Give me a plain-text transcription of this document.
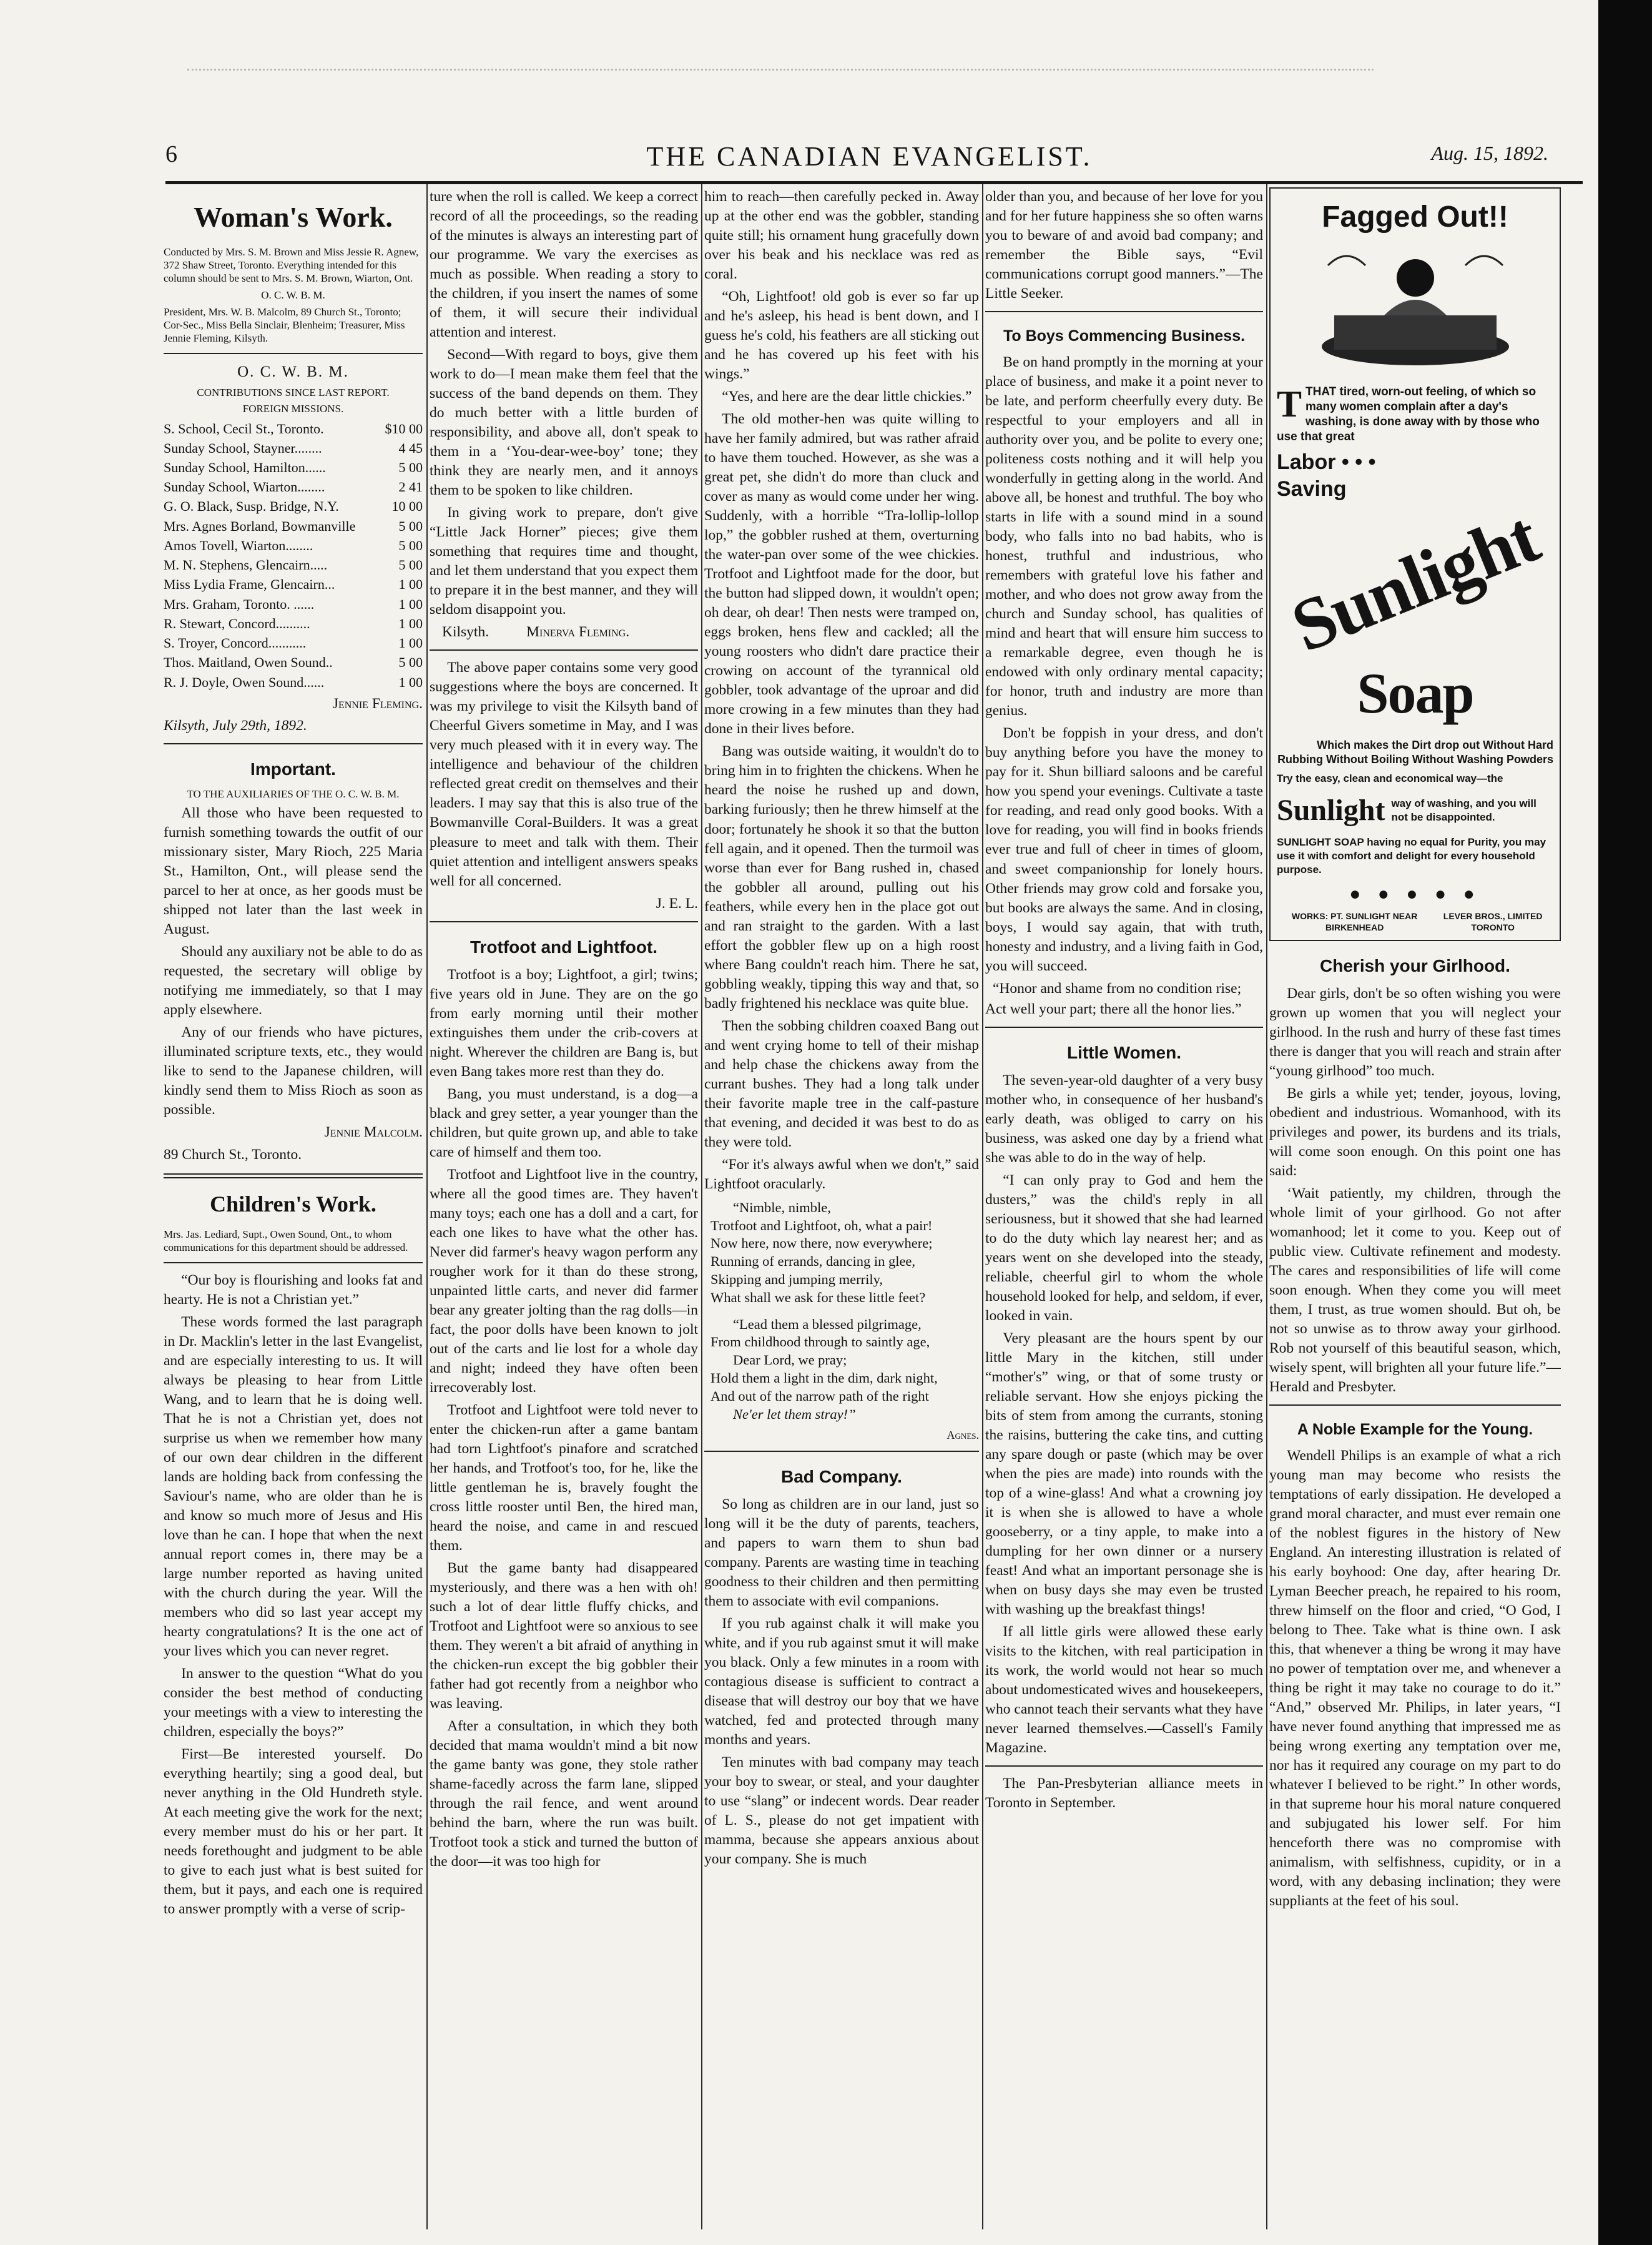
6	THE CANADIAN EVANGELIST.	Aug. 15, 1892.
Woman's Work.

Conducted by Mrs. S. M. Brown and Miss Jessie R. Agnew, 372 Shaw Street, Toronto. Everything intended for this column should be sent to Mrs. S. M. Brown, Wiarton, Ont.

O. C. W. B. M.

President, Mrs. W. B. Malcolm, 89 Church St., Toronto; Cor-Sec., Miss Bella Sinclair, Blenheim; Treasurer, Miss Jennie Fleming, Kilsyth.

O. C. W. B. M.
CONTRIBUTIONS SINCE LAST REPORT.
FOREIGN MISSIONS.
S. School, Cecil St., Toronto.	$10 00
Sunday School, Stayner........	4 45
Sunday School, Hamilton......	5 00
Sunday School, Wiarton........	2 41
G. O. Black, Susp. Bridge, N.Y.	10 00
Mrs. Agnes Borland, Bowmanville	5 00
Amos Tovell, Wiarton........	5 00
M. N. Stephens, Glencairn.....	5 00
Miss Lydia Frame, Glencairn...	1 00
Mrs. Graham, Toronto. ......	1 00
R. Stewart, Concord..........	1 00
S. Troyer, Concord...........	1 00
Thos. Maitland, Owen Sound..	5 00
R. J. Doyle, Owen Sound......	1 00

Jennie Fleming.

Kilsyth, July 29th, 1892.

Important.

TO THE AUXILIARIES OF THE O. C. W. B. M.

All those who have been requested to furnish something towards the outfit of our missionary sister, Mary Rioch, 225 Maria St., Hamilton, Ont., will please send the parcel to her at once, as her goods must be shipped not later than the last week in August.

Should any auxiliary not be able to do as requested, the secretary will oblige by notifying me immediately, so that I may apply elsewhere.

Any of our friends who have pictures, illuminated scripture texts, etc., they would like to send to the Japanese children, will kindly send them to Miss Rioch as soon as possible.

Jennie Malcolm.

89 Church St., Toronto.

Children's Work.

Mrs. Jas. Lediard, Supt., Owen Sound, Ont., to whom communications for this department should be addressed.

“Our boy is flourishing and looks fat and hearty. He is not a Christian yet.”

These words formed the last paragraph in Dr. Macklin's letter in the last Evangelist, and are especially interesting to us. It will always be pleasing to hear from Little Wang, and to learn that he is doing well. That he is not a Christian yet, does not surprise us when we remember how many of our own dear children in the different lands are holding back from confessing the Saviour's name, who are older than he is and know so much more of Jesus and His love than he can. I hope that when the next annual report comes in, there may be a large number reported as having united with the church during the year. Will the members who did so last year accept my hearty congratulations? It is the one act of your lives which you can never regret.

In answer to the question “What do you consider the best method of conducting your meetings with a view to interesting the children, especially the boys?”

First—Be interested yourself. Do everything heartily; sing a good deal, but never anything in the Old Hundreth style. At each meeting give the work for the next; every member must do his or her part. It needs forethought and judgment to be able to give to each just what is best suited for them, but it pays, and each one is required to answer promptly with a verse of scrip-

ture when the roll is called. We keep a correct record of all the proceedings, so the reading of the minutes is always an interesting part of our programme. We vary the exercises as much as possible. When reading a story to the children, if you insert the names of some of them, it will secure their individual attention and interest.

Second—With regard to boys, give them work to do—I mean make them feel that the success of the band depends on them. They do much better with a little burden of responsibility, and above all, don't speak to them in a ‘You-dear-wee-boy’ tone; they think they are nearly men, and it annoys them to be spoken to like children.

In giving work to prepare, don't give “Little Jack Horner” pieces; give them something that requires time and thought, and let them understand that you expect them to prepare it in the best manner, and they will seldom disappoint you.

Kilsyth.	Minerva Fleming.

The above paper contains some very good suggestions where the boys are concerned. It was my privilege to visit the Kilsyth band of Cheerful Givers sometime in May, and I was very much pleased with it in every way. The intelligence and behaviour of the children reflected great credit on themselves and their leaders. I may say that this is also true of the Bowmanville Coral-Builders. It was a great pleasure to meet and talk with them. Their quiet attention and intelligent answers speaks well for all concerned.

J. E. L.

Trotfoot and Lightfoot.

Trotfoot is a boy; Lightfoot, a girl; twins; five years old in June. They are on the go from early morning until their mother extinguishes them under the crib-covers at night. Wherever the children are Bang is, but even Bang takes more rest than they do.

Bang, you must understand, is a dog—a black and grey setter, a year younger than the children, but quite grown up, and able to take care of himself and them too.

Trotfoot and Lightfoot live in the country, where all the good times are. They haven't many toys; each one has a doll and a cart, for each one likes to have what the other has. Never did farmer's heavy wagon perform any rougher work for it than do these strong, unpainted little carts, and never did farmer bear any greater jolting than the rag dolls—in fact, the poor dolls have been known to jolt out of the carts and lie lost for a whole day and night; indeed they have often been irrecoverably lost.

Trotfoot and Lightfoot were told never to enter the chicken-run after a game bantam had torn Lightfoot's pinafore and scratched her hands, and Trotfoot's too, for he, like the little gentleman he is, bravely fought the cross little rooster until Ben, the hired man, heard the noise, and came in and rescued them.

But the game banty had disappeared mysteriously, and there was a hen with oh! such a lot of dear little fluffy chicks, and Trotfoot and Lightfoot were so anxious to see them. They weren't a bit afraid of anything in the chicken-run except the big gobbler their father had got recently from a neighbor who was leaving.

After a consultation, in which they both decided that mama wouldn't mind a bit now the game banty was gone, they stole rather shame-facedly across the farm lane, slipped through the rail fence, and went around behind the barn, where the run was built. Trotfoot took a stick and turned the button of the door—it was too high for

him to reach—then carefully pecked in. Away up at the other end was the gobbler, standing quite still; his ornament hung gracefully down over his beak and his necklace was red as coral.

“Oh, Lightfoot! old gob is ever so far up and he's asleep, his head is bent down, and I guess he's cold, his feathers are all sticking out and he has covered up his feet with his wings.”

“Yes, and here are the dear little chickies.”

The old mother-hen was quite willing to have her family admired, but was rather afraid to have them touched. However, as she was a great pet, she didn't do more than cluck and cover as many as would come under her wing. Suddenly, with a horrible “Tra-lollip-lollop lop,” the gobbler rushed at them, overturning the water-pan over some of the wee chickies. Trotfoot and Lightfoot made for the door, but the button had slipped down, it wouldn't open; oh dear, oh dear! Then nests were tramped on, eggs broken, hens flew and cackled; all the young roosters who didn't dare practice their crowing on account of the tyrannical old gobbler, took advantage of the uproar and did more crowing in a few minutes than they had done in their lives before.

Bang was outside waiting, it wouldn't do to bring him in to frighten the chickens. When he heard the noise he rushed up and down, barking furiously; then he threw himself at the door; fortunately he shook it so that the button fell again, and it opened. Then the turmoil was worse than ever for Bang rushed in, chased the gobbler all around, pulling out his feathers, while every hen in the place got out and ran straight to the garden. With a last effort the gobbler flew up on a high roost where Bang couldn't reach him. There he sat, gobbling weakly, tipping this way and that, so badly frightened his necklace was quite blue.

Then the sobbing children coaxed Bang out and went crying home to tell of their mishap and help chase the chickens away from the currant bushes. They had a long talk under their favorite maple tree in the calf-pasture that evening, and decided it was best to do as they were told.

“For it's always awful when we don't,” said Lightfoot oracularly.

“Nimble, nimble,
Trotfoot and Lightfoot, oh, what a pair!
Now here, now there, now everywhere;
Running of errands, dancing in glee,
Skipping and jumping merrily,
What shall we ask for these little feet?
“Lead them a blessed pilgrimage,
From childhood through to saintly age,
Dear Lord, we pray;
Hold them a light in the dim, dark night,
And out of the narrow path of the right
Ne'er let them stray!”

Agnes.

Bad Company.

So long as children are in our land, just so long will it be the duty of parents, teachers, and papers to warn them to shun bad company. Parents are wasting time in teaching goodness to their children and then permitting them to associate with evil companions.

If you rub against chalk it will make you white, and if you rub against smut it will make you black. Only a few minutes in a room with contagious disease is sufficient to contract a disease that will destroy our boy that we have watched, fed and protected through many months and years.

Ten minutes with bad company may teach your boy to swear, or steal, and your daughter to use “slang” or indecent words. Dear reader of L. S., please do not get impatient with mamma, because she appears anxious about your company. She is much

older than you, and because of her love for you and for her future happiness she so often warns you to beware of and avoid bad company; and remember the Bible says, “Evil communications corrupt good manners.”—The Little Seeker.

To Boys Commencing Business.

Be on hand promptly in the morning at your place of business, and make it a point never to be late, and perform cheerfully every duty. Be respectful to your employers and all in authority over you, and be polite to every one; politeness costs nothing and it will help you wonderfully in getting along in the world. And above all, be honest and truthful. The boy who starts in life with a sound mind in a sound body, who falls into no bad habits, who is honest, truthful and industrious, who remembers with grateful love his father and mother, and who does not grow away from the church and Sunday school, has qualities of mind and heart that will ensure him success to a remarkable degree, even though he is endowed with only ordinary mental capacity; for honor, truth and industry are more than genius.

Don't be foppish in your dress, and don't buy anything before you have the money to pay for it. Shun billiard saloons and be careful how you spend your evenings. Cultivate a taste for reading, and read only good books. With a love for reading, you will find in books friends ever true and full of cheer in times of gloom, and sweet companionship for lonely hours. Other friends may grow cold and forsake you, but books are always the same. And in closing, boys, I would say again, that with truth, honesty and industry, and a living faith in God, you will succeed.

“Honor and shame from no condition rise;

Act well your part; there all the honor lies.”

Little Women.

The seven-year-old daughter of a very busy mother who, in consequence of her husband's early death, was obliged to carry on his business, was asked one day by a friend what she was able to do in the way of help.

“I can only pray to God and hem the dusters,” was the child's reply in all seriousness, but it showed that she had learned to do the duty which lay nearest her; and as years went on she developed into the steady, reliable, cheerful girl to whom the whole household looked for help, and seldom, if ever, looked in vain.

Very pleasant are the hours spent by our little Mary in the kitchen, still under “mother's” wing, or that of some trusty or reliable servant. How she enjoys picking the bits of stem from among the currants, stoning the raisins, buttering the cake tins, and cutting any spare dough or paste (which may be over when the pies are made) into rounds with the top of a wine-glass! And what a crowning joy it is when she is allowed to have a whole gooseberry, or a tiny apple, to make into a dumpling for her own dinner or a nursery feast! And what an important personage she is when on busy days she may even be trusted with washing up the breakfast things!

If all little girls were allowed these early visits to the kitchen, with real participation in its work, the world would not hear so much about undomesticated wives and housekeepers, who cannot teach their servants what they have never learned themselves.—Cassell's Family Magazine.

The Pan-Presbyterian alliance meets in Toronto in September.

Fagged Out!!
TTHAT tired, worn-out feeling, of which so many women complain after a day's washing, is done away with by those who use that great
Labor • • •
Saving
Sunlight Soap
Which makes the Dirt drop out Without Hard Rubbing Without Boiling Without Washing Powders
Try the easy, clean and economical way—the
Sunlight way of washing, and you will not be disappointed.
SUNLIGHT SOAP having no equal for Purity, you may use it with comfort and delight for every household purpose.
● ● ● ● ●
WORKS: PT. SUNLIGHT NEAR BIRKENHEAD
LEVER BROS., LIMITED TORONTO
Cherish your Girlhood.

Dear girls, don't be so often wishing you were grown up women that you will neglect your girlhood. In the rush and hurry of these fast times there is danger that you will reach and strain after “young girlhood” too much.

Be girls a while yet; tender, joyous, loving, obedient and industrious. Womanhood, with its privileges and power, its burdens and its trials, will come soon enough. On this point one has said:

‘Wait patiently, my children, through the whole limit of your girlhood. Go not after womanhood; let it come to you. Keep out of public view. Cultivate refinement and modesty. The cares and responsibilities of life will come soon enough. When they come you will meet them, I trust, as true women should. But oh, be not so unwise as to throw away your girlhood. Rob not yourself of this beautiful season, which, wisely spent, will brighten all your future life.”—Herald and Presbyter.

A Noble Example for the Young.

Wendell Philips is an example of what a rich young man may become who resists the temptations of early dissipation. He developed a grand moral character, and must ever remain one of the noblest figures in the history of New England. An interesting illustration is related of his early boyhood: One day, after hearing Dr. Lyman Beecher preach, he repaired to his room, threw himself on the floor and cried, “O God, I belong to Thee. Take what is thine own. I ask this, that whenever a thing be wrong it may have no power of temptation over me, and whenever a thing be right it may take no courage to do it.” “And,” observed Mr. Philips, in later years, “I have never found anything that impressed me as being wrong exerting any temptation over me, nor has it required any courage on my part to do whatever I believed to be right.” In other words, in that supreme hour his moral nature conquered and subjugated his lower self. For him henceforth there was no compromise with animalism, with selfishness, cupidity, or in a word, with any debasing inclination; they were suppliants at the feet of his soul.
